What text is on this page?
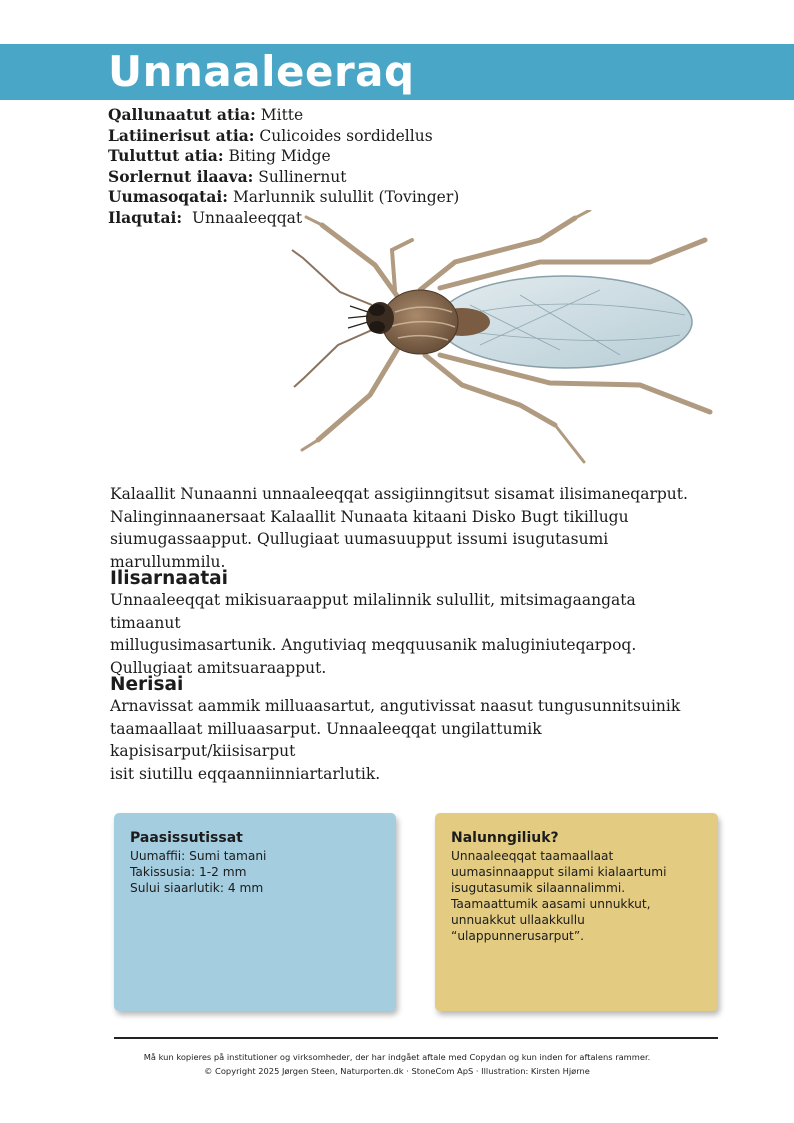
Unnaaleeraq
Qallunaatut atia: Mitte
Latiinerisut atia: Culicoides sordidellus
Tuluttut atia: Biting Midge
Sorlernut ilaava: Sullinernut
Uumasoqatai: Marlunnik sulullit (Tovinger)
Ilaqutai: Unnaaleeqqat

Kalaallit Nunaanni unnaaleeqqat assigiinngitsut sisamat ilisimaneqarput.
Nalinginnaanersaat Kalaallit Nunaata kitaani Disko Bugt tikillugu
siumugassaapput. Qullugiaat uumasuupput issumi isugutasumi marullummilu.

Ilisarnaatai

Unnaaleeqqat mikisuaraapput milalinnik sulullit, mitsimagaangata timaanut
millugusimasartunik. Angutiviaq meqquusanik maluginiuteqarpoq.
Qullugiaat amitsuaraapput.

Nerisai

Arnavissat aammik milluaasartut, angutivissat naasut tungusunnitsuinik
taamaallaat milluaasarput. Unnaaleeqqat ungilattumik kapisisarput/kiisisarput
isit siutillu eqqaanniinniartarlutik.

Paasissutissat
Uumaffii: Sumi tamani
Takissusia: 1-2 mm
Sului siaarlutik: 4 mm
Nalunngiliuk?
Unnaaleeqqat taamaallaat
uumasinnaapput silami kialaartumi
isugutasumik silaannalimmi.
Taamaattumik aasami unnukkut,
unnuakkut ullaakkullu
“ulappunnerusarput”.
Må kun kopieres på institutioner og virksomheder, der har indgået aftale med Copydan og kun inden for aftalens rammer.
© Copyright 2025 Jørgen Steen, Naturporten.dk · StoneCom ApS · Illustration: Kirsten Hjørne
